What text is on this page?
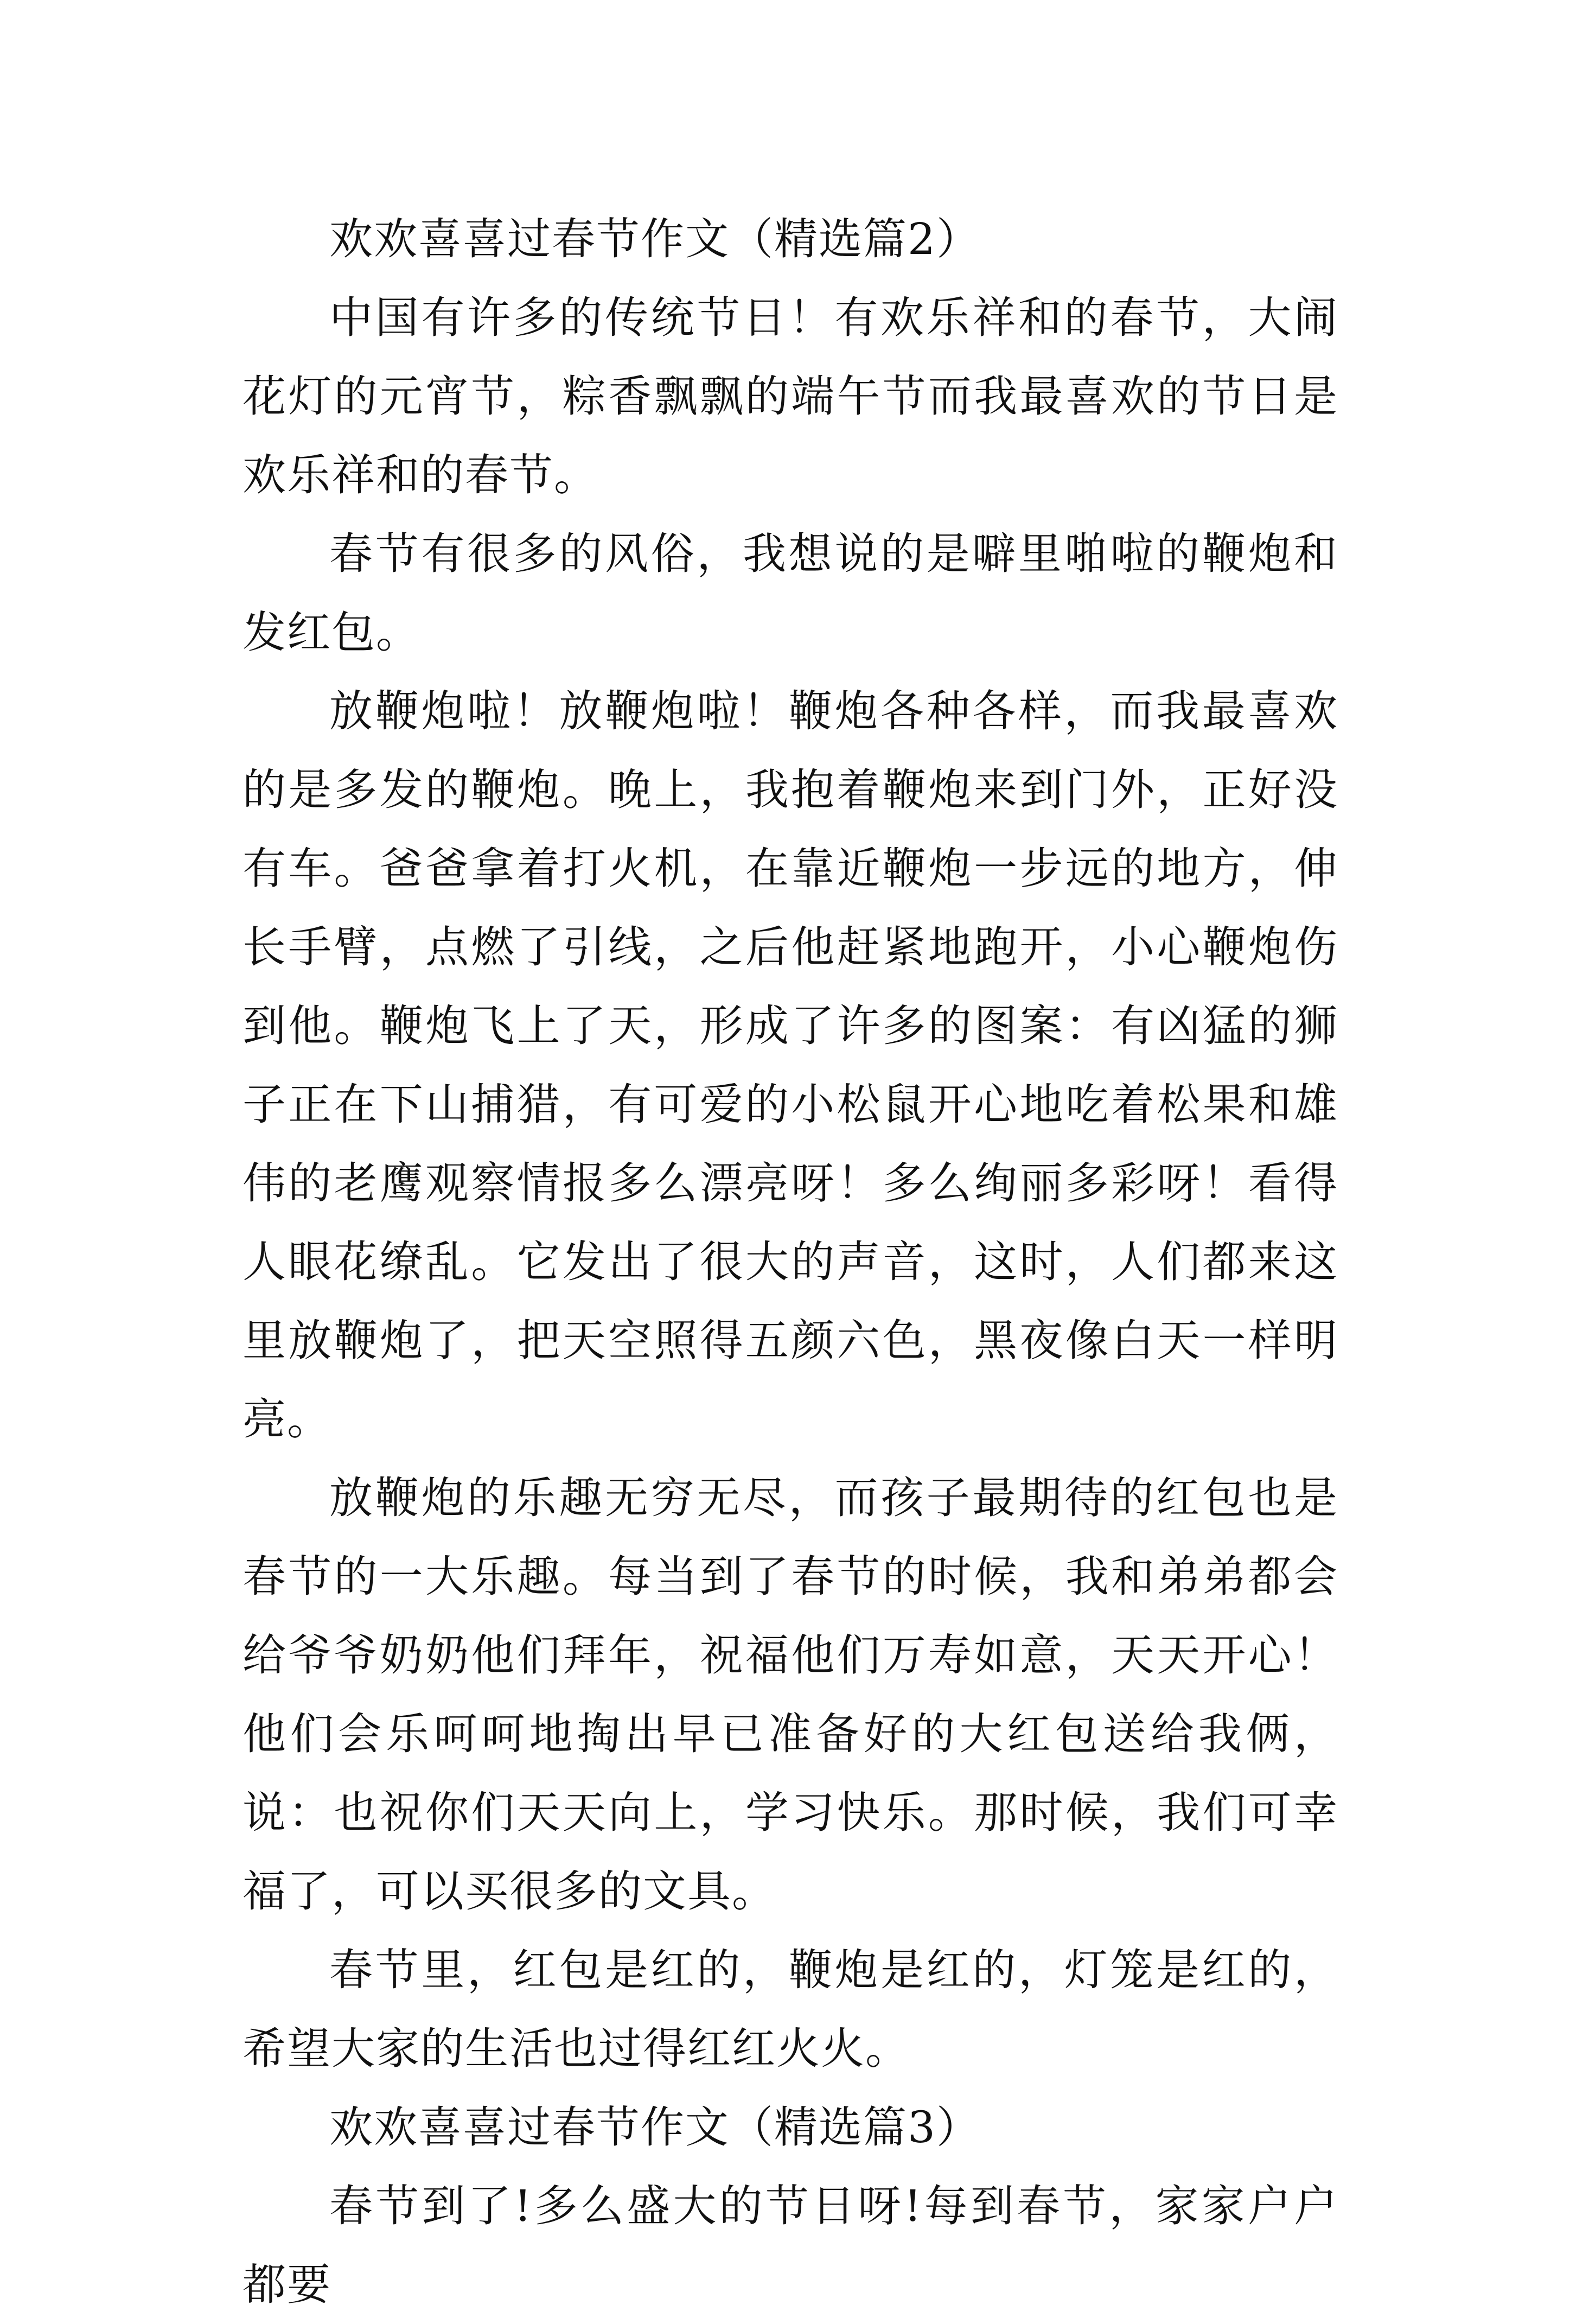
欢欢喜喜过春节作文（精选篇2）

中国有许多的传统节日！有欢乐祥和的春节，大闹花灯的元宵节，粽香飘飘的端午节而我最喜欢的节日是欢乐祥和的春节。

春节有很多的风俗，我想说的是噼里啪啦的鞭炮和发红包。

放鞭炮啦！放鞭炮啦！鞭炮各种各样，而我最喜欢的是多发的鞭炮。晚上，我抱着鞭炮来到门外，正好没有车。爸爸拿着打火机，在靠近鞭炮一步远的地方，伸长手臂，点燃了引线，之后他赶紧地跑开，小心鞭炮伤到他。鞭炮飞上了天，形成了许多的图案：有凶猛的狮子正在下山捕猎，有可爱的小松鼠开心地吃着松果和雄伟的老鹰观察情报多么漂亮呀！多么绚丽多彩呀！看得人眼花缭乱。它发出了很大的声音，这时，人们都来这里放鞭炮了，把天空照得五颜六色，黑夜像白天一样明亮。

放鞭炮的乐趣无穷无尽，而孩子最期待的红包也是春节的一大乐趣。每当到了春节的时候，我和弟弟都会给爷爷奶奶他们拜年，祝福他们万寿如意，天天开心！他们会乐呵呵地掏出早已准备好的大红包送给我俩，说：也祝你们天天向上，学习快乐。那时候，我们可幸福了，可以买很多的文具。

春节里，红包是红的，鞭炮是红的，灯笼是红的，希望大家的生活也过得红红火火。

欢欢喜喜过春节作文（精选篇3）

春节到了!多么盛大的节日呀!每到春节，家家户户都要
